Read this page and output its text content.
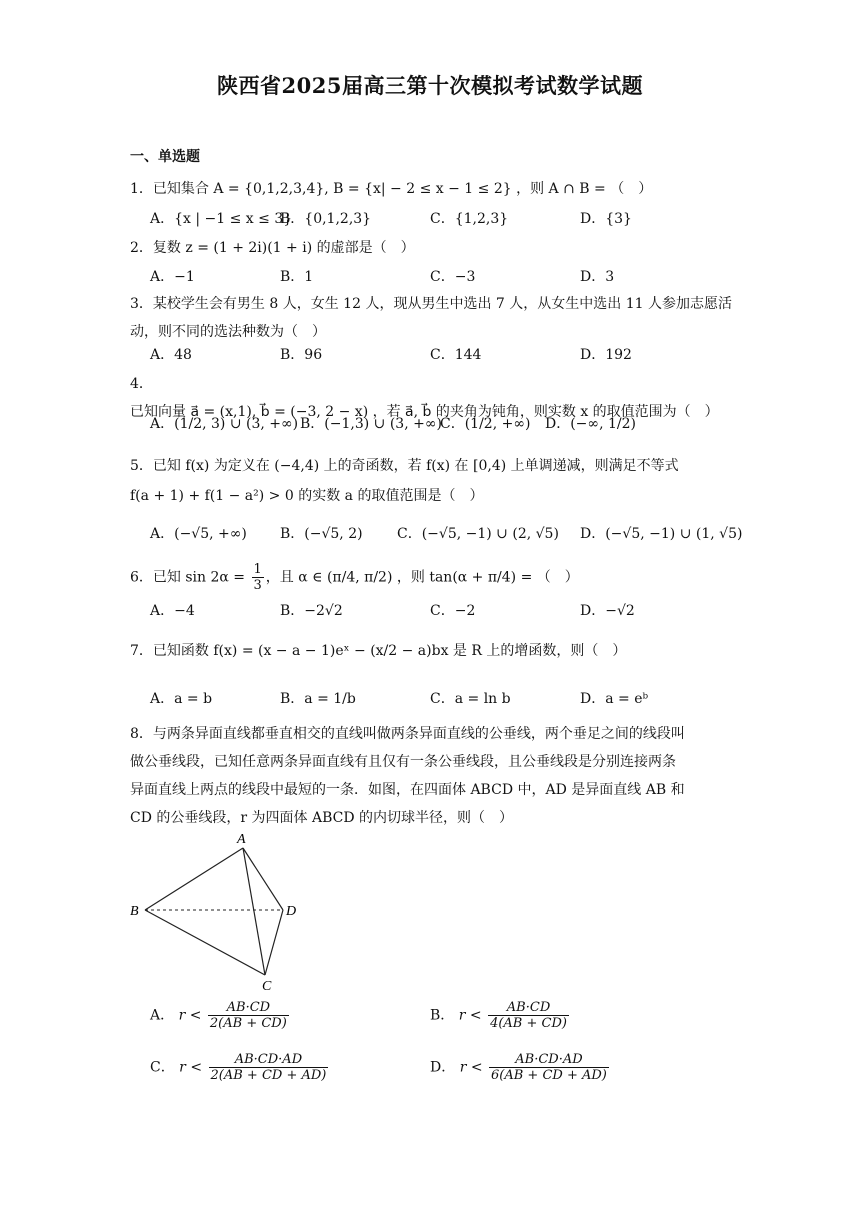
陕西省2025届高三第十次模拟考试数学试题
一、单选题
1．已知集合 A = {0,1,2,3,4}, B = {x| − 2 ≤ x − 1 ≤ 2} ，则 A ∩ B = （　）
A．{x | −1 ≤ x ≤ 3}
B．{0,1,2,3}	C．{1,2,3}	D．{3}
2．复数 z = (1 + 2i)(1 + i) 的虚部是（　）
A．−1	B．1	C．−3	D．3
3．某校学生会有男生 8 人，女生 12 人，现从男生中选出 7 人，从女生中选出 11 人参加志愿活动，则不同的选法种数为（　）
A．48	B．96	C．144	D．192
4．已知向量 a⃗ = (x,1), b⃗ = (−3, 2 − x) ，若 a⃗, b⃗ 的夹角为钝角，则实数 x 的取值范围为（　）
A．(1/2, 3) ∪ (3, +∞) B．(−1,3) ∪ (3, +∞)
C．(1/2, +∞) D．(−∞, 1/2)
5．已知 f(x) 为定义在 (−4,4) 上的奇函数，若 f(x) 在 [0,4) 上单调递减，则满足不等式
f(a + 1) + f(1 − a²) > 0 的实数 a 的取值范围是（　）
A．(−√5, +∞) B．(−√5, 2) C．(−√5, −1) ∪ (2, √5) D．(−√5, −1) ∪ (1, √5)
6．已知 $\sin 2\alpha = \frac{1}{3}$ ，且 α ∈ (π/4, π/2) ，则 tan(α + π/4) = （　）
A．−4	B．−2√2	C．−2	D．−√2
7．已知函数 f(x) = (x − a − 1)eˣ − (x/2 − a)bx 是 R 上的增函数，则（　）
A．a = b	B．a = 1/b	C．a = ln b	D．a = eᵇ
8．与两条异面直线都垂直相交的直线叫做两条异面直线的公垂线，两个垂足之间的线段叫
做公垂线段，已知任意两条异面直线有且仅有一条公垂线段，且公垂线段是分别连接两条
异面直线上两点的线段中最短的一条．如图，在四面体 ABCD 中，AD 是异面直线 AB 和
CD 的公垂线段，r 为四面体 ABCD 的内切球半径，则（　）
A
B
C
D
A． $r < \frac{AB\cdot CD}{2(AB + CD)}$	B． $r < \frac{AB\cdot CD}{4(AB + CD)}$
C． $r < \frac{AB\cdot CD\cdot AD}{2(AB + CD + AD)}$	D． $r < \frac{AB\cdot CD\cdot AD}{6(AB + CD + AD)}$
